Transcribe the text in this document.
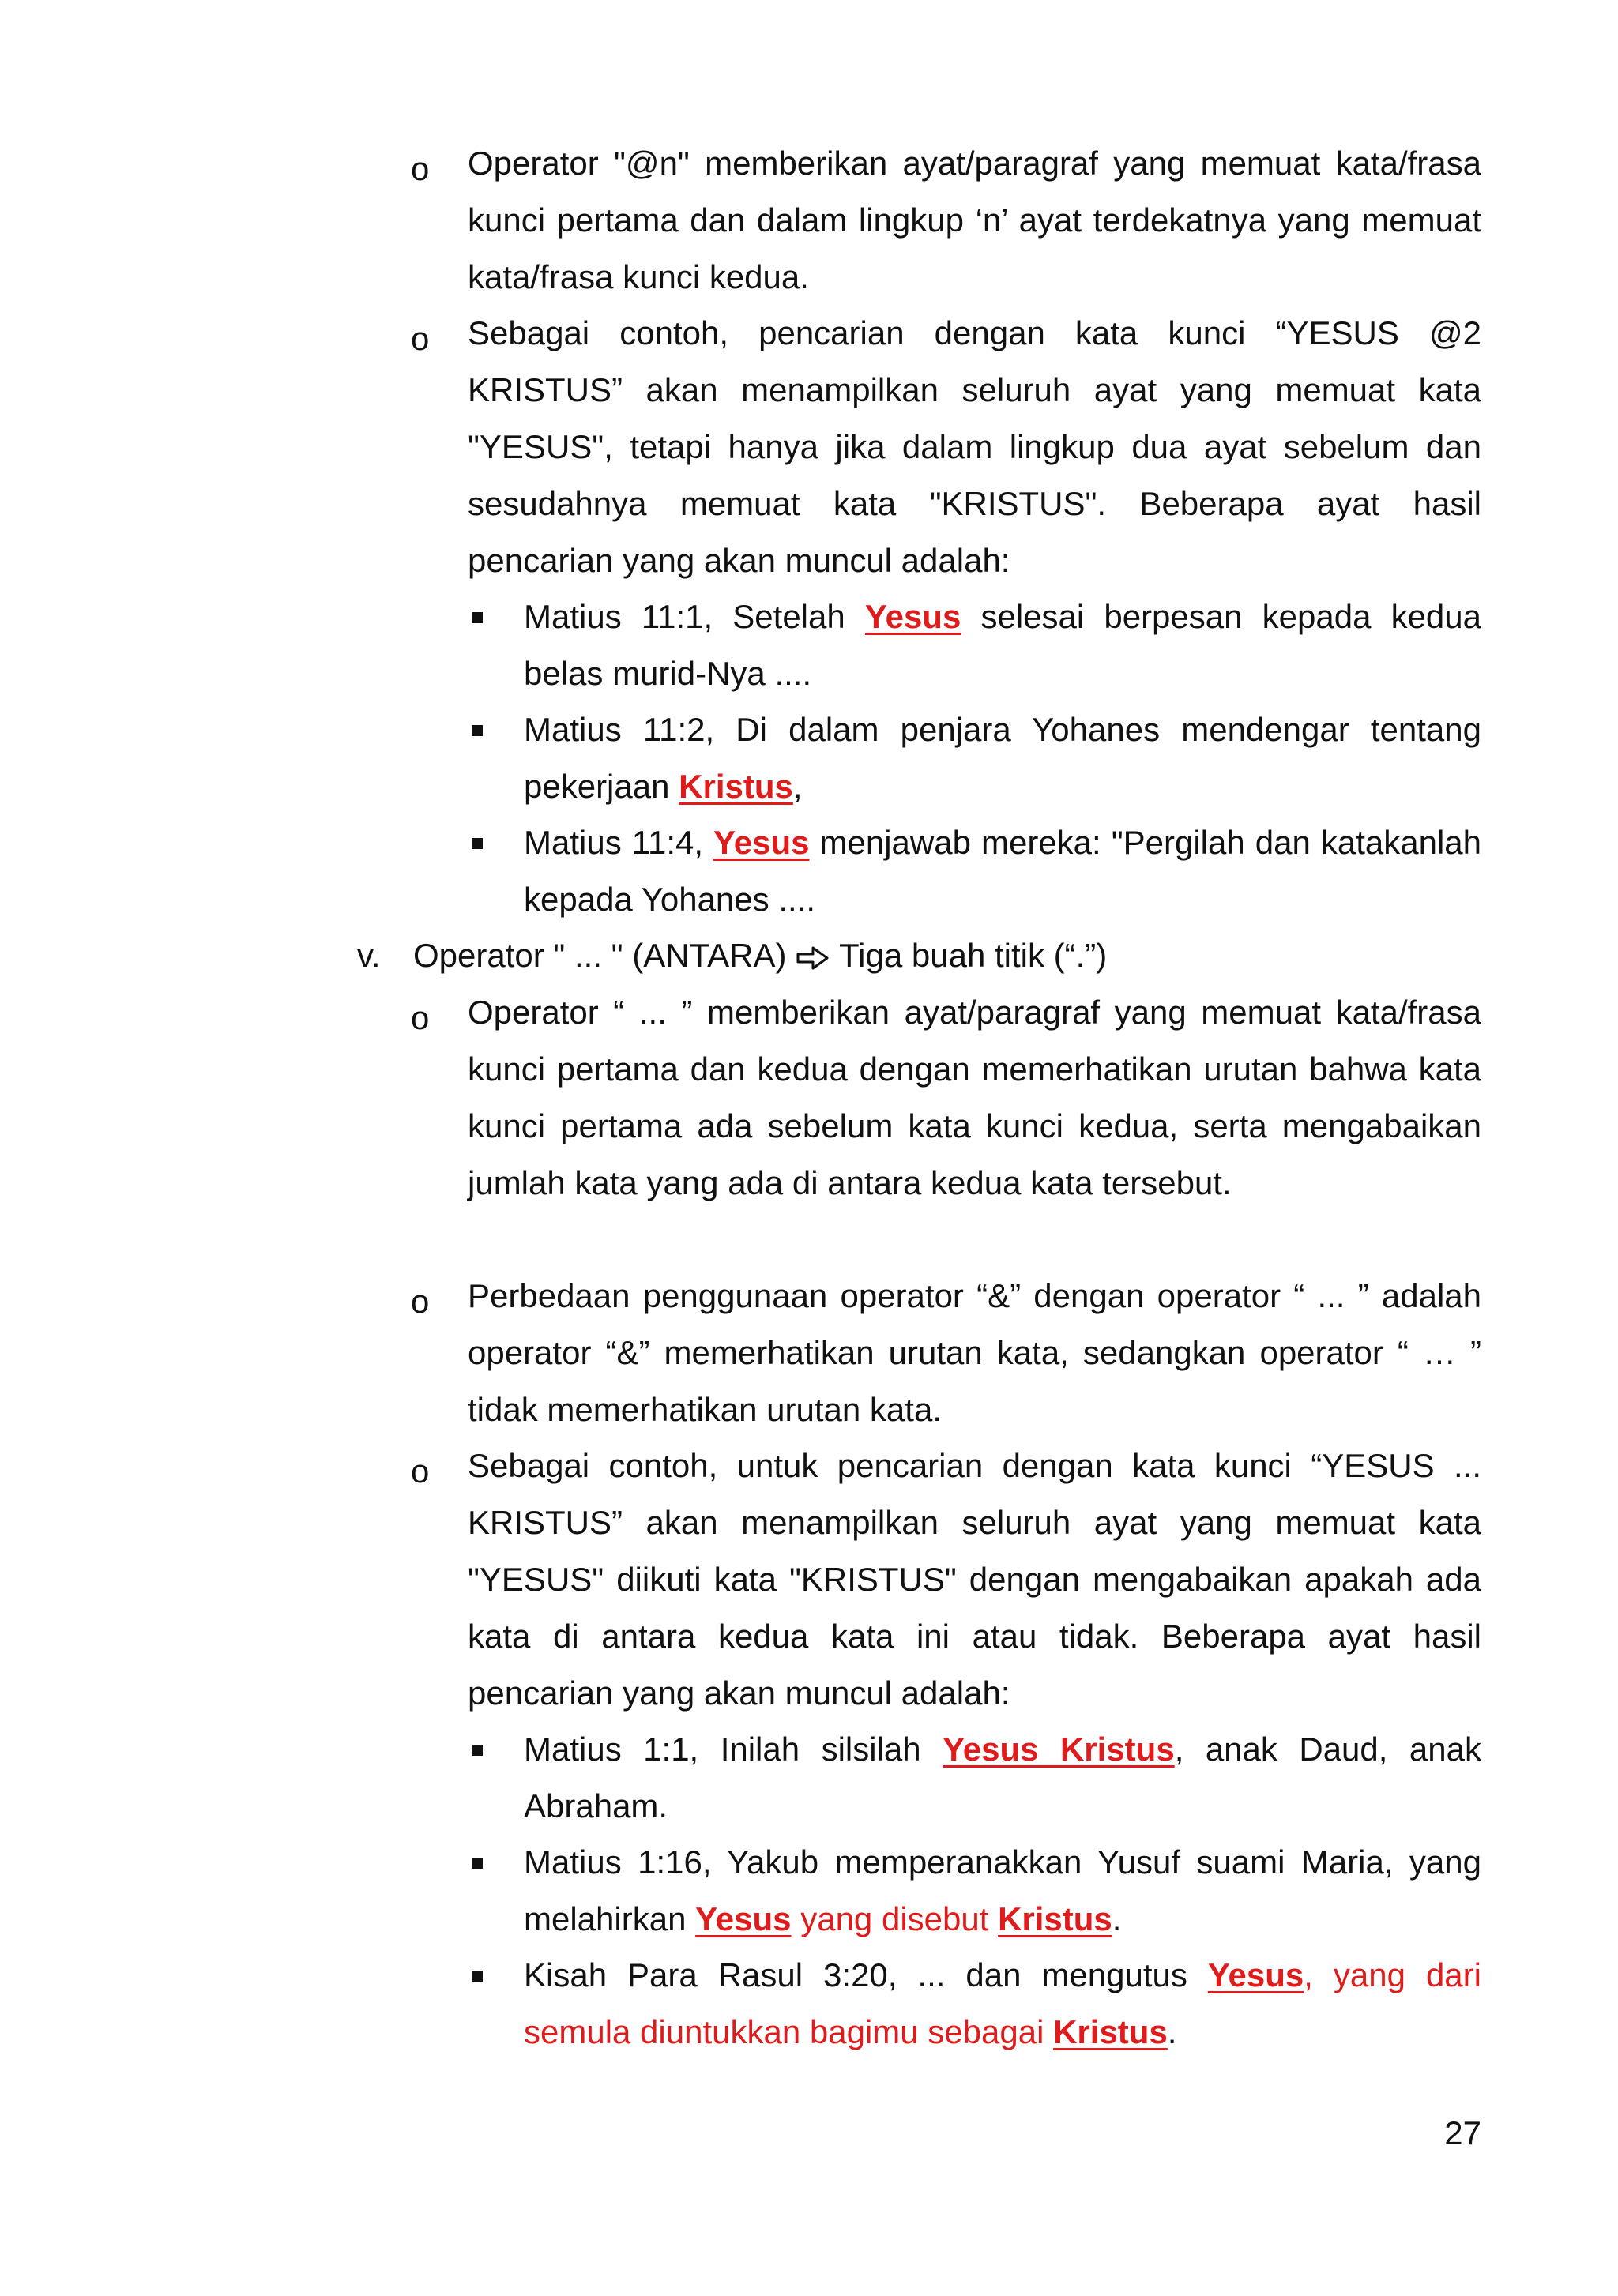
o Operator "@n" memberikan ayat/paragraf yang memuat kata/frasa kunci pertama dan dalam lingkup ‘n’ ayat terdekatnya yang memuat kata/frasa kunci kedua.
o Sebagai contoh, pencarian dengan kata kunci “YESUS @2 KRISTUS” akan menampilkan seluruh ayat yang memuat kata "YESUS", tetapi hanya jika dalam lingkup dua ayat sebelum dan sesudahnya memuat kata "KRISTUS". Beberapa ayat hasil pencarian yang akan muncul adalah:
Matius 11:1, Setelah Yesus selesai berpesan kepada kedua belas murid-Nya ....
Matius 11:2, Di dalam penjara Yohanes mendengar tentang pekerjaan Kristus,
Matius 11:4, Yesus menjawab mereka: "Pergilah dan katakanlah kepada Yohanes ....
v. Operator " ... " (ANTARA)  Tiga buah titik (“.”)
o Operator “ ... ” memberikan ayat/paragraf yang memuat kata/frasa kunci pertama dan kedua dengan memerhatikan urutan bahwa kata kunci pertama ada sebelum kata kunci kedua, serta mengabaikan jumlah kata yang ada di antara kedua kata tersebut.
o Perbedaan penggunaan operator “&” dengan operator “ ... ” adalah operator “&” memerhatikan urutan kata, sedangkan operator “ … ” tidak memerhatikan urutan kata.
o Sebagai contoh, untuk pencarian dengan kata kunci “YESUS ... KRISTUS” akan menampilkan seluruh ayat yang memuat kata "YESUS" diikuti kata "KRISTUS" dengan mengabaikan apakah ada kata di antara kedua kata ini atau tidak. Beberapa ayat hasil pencarian yang akan muncul adalah:
Matius 1:1, Inilah silsilah Yesus Kristus, anak Daud, anak Abraham.
Matius 1:16, Yakub memperanakkan Yusuf suami Maria, yang melahirkan Yesus yang disebut Kristus.
Kisah Para Rasul 3:20, ... dan mengutus Yesus, yang dari semula diuntukkan bagimu sebagai Kristus.
27
